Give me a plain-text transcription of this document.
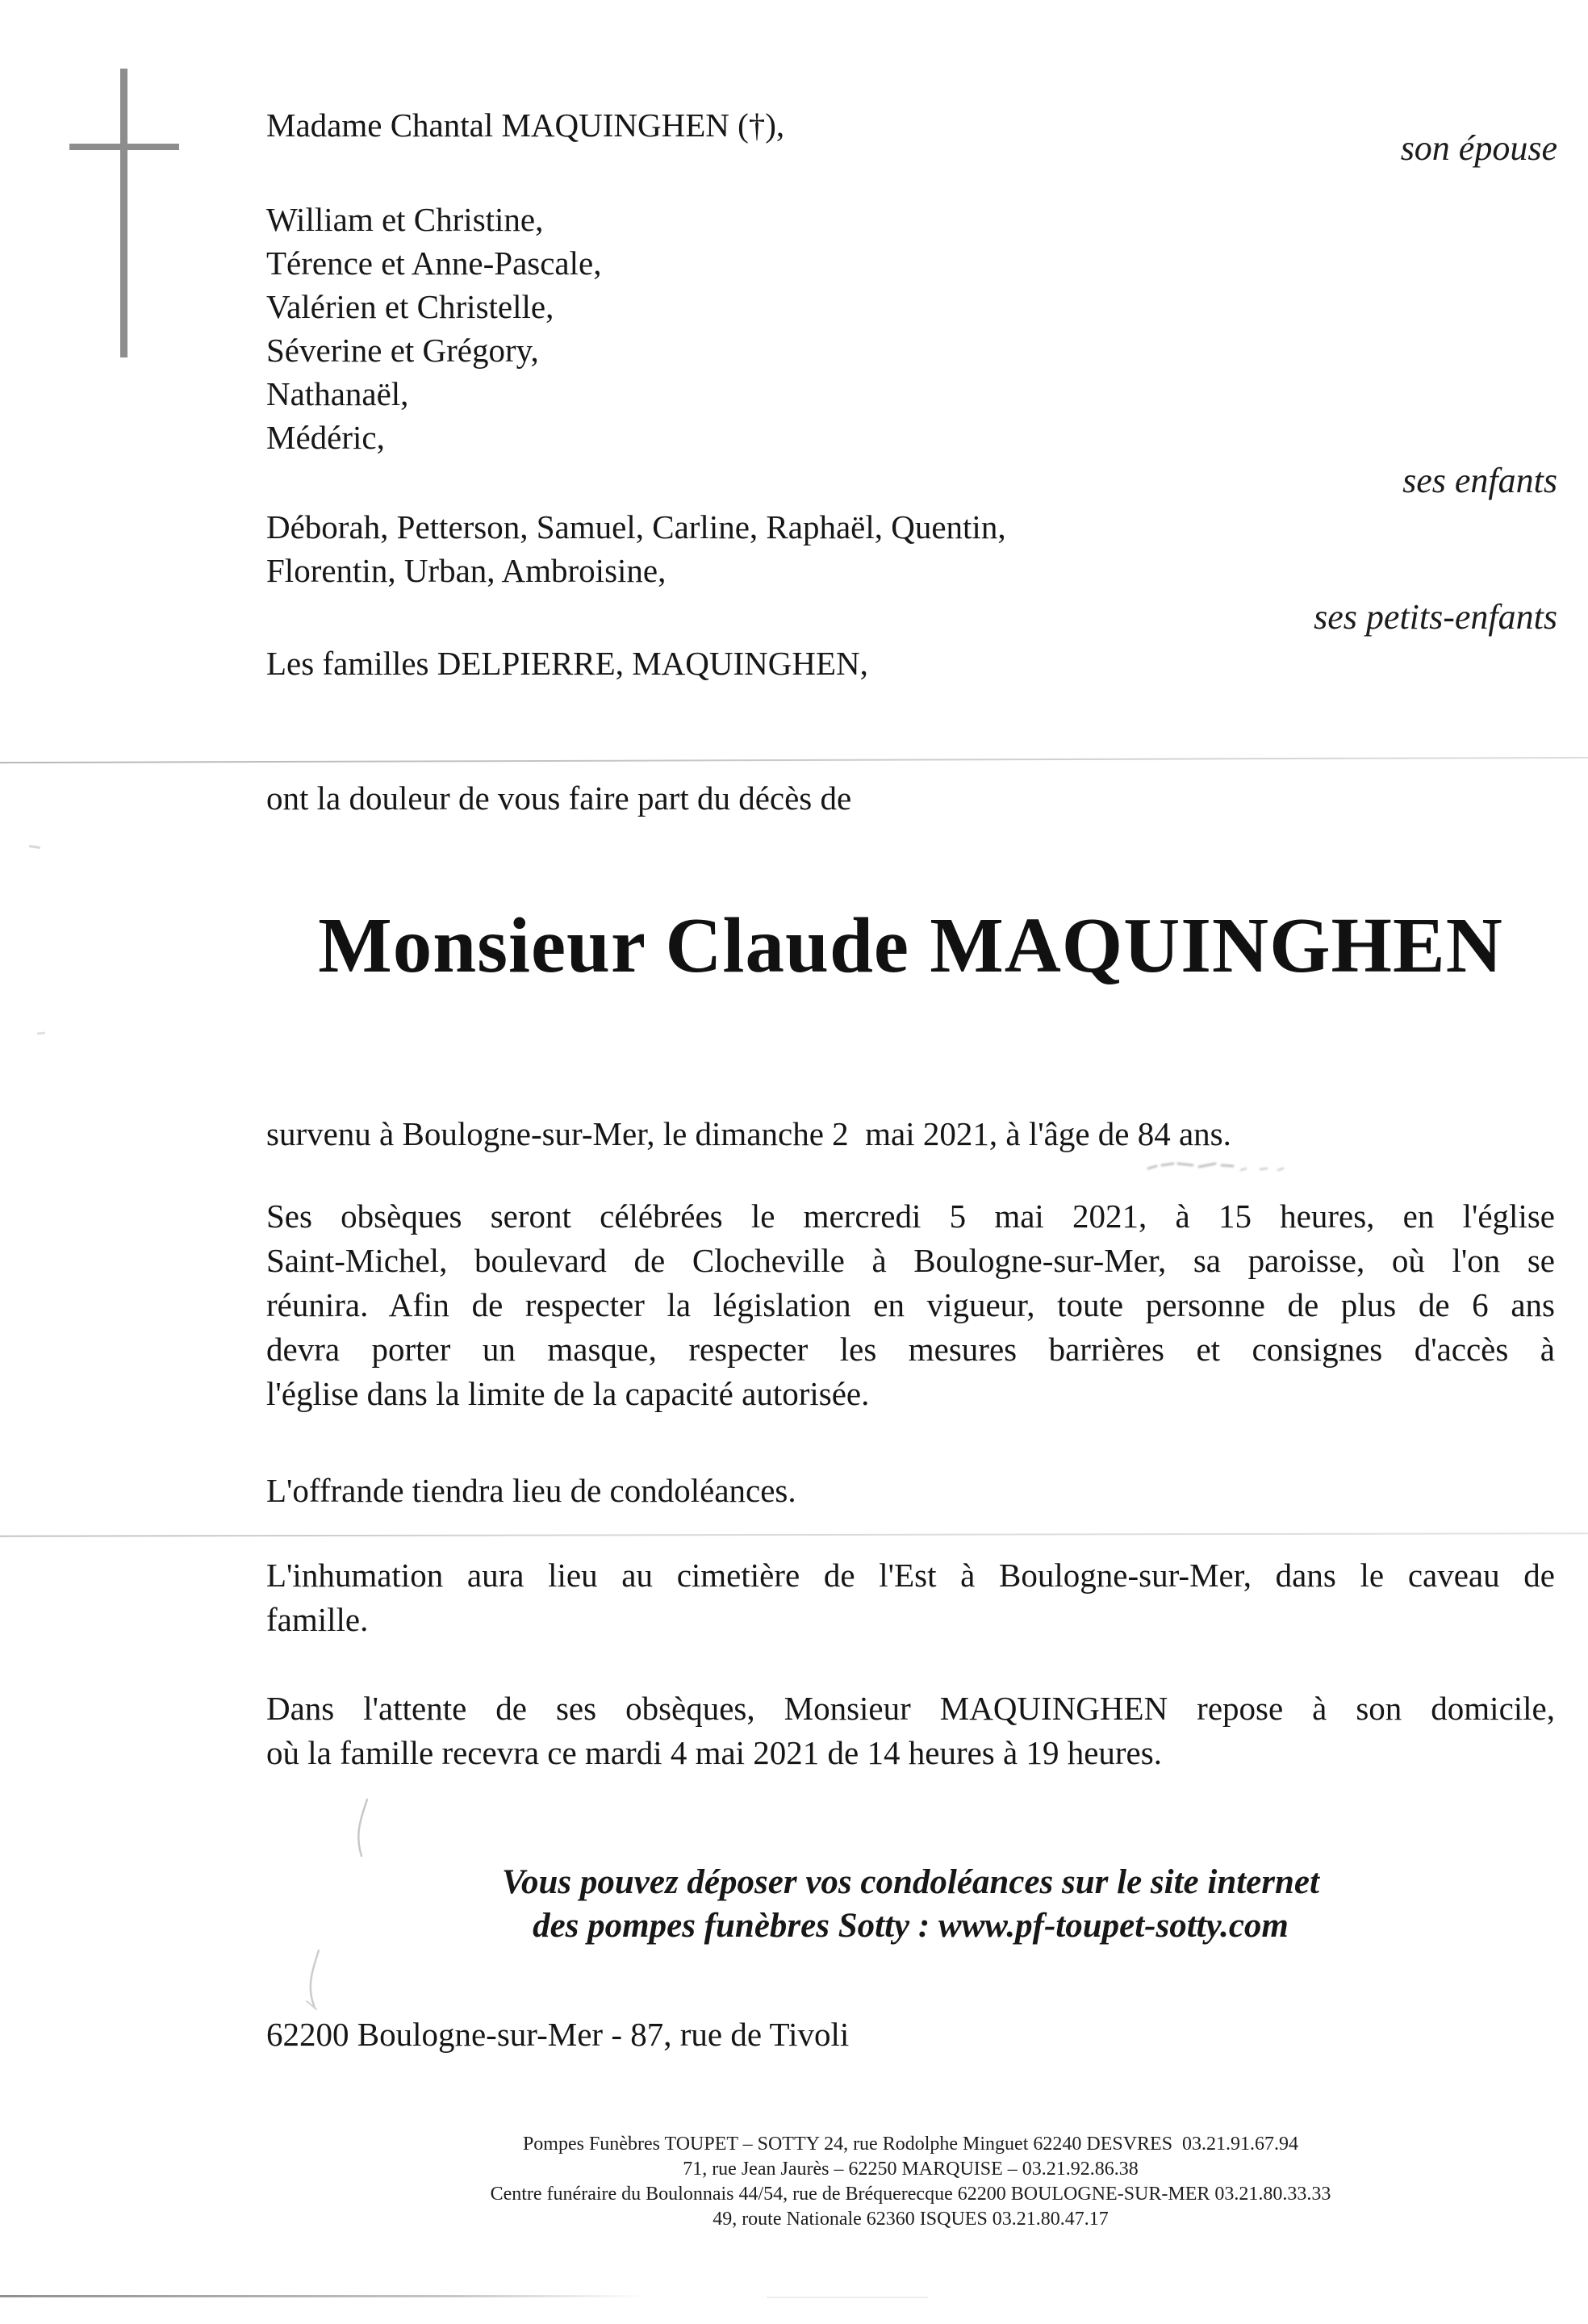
Madame Chantal MAQUINGHEN (†),
son épouse
William et Christine,
Térence et Anne-Pascale,
Valérien et Christelle,
Séverine et Grégory,
Nathanaël,
Médéric,
ses enfants
Déborah, Petterson, Samuel, Carline, Raphaël, Quentin,
Florentin, Urban, Ambroisine,
ses petits-enfants
Les familles DELPIERRE, MAQUINGHEN,
ont la douleur de vous faire part du décès de
Monsieur Claude MAQUINGHEN
survenu à Boulogne-sur-Mer, le dimanche 2  mai 2021, à l'âge de 84 ans.
Ses obsèques seront célébrées le mercredi 5 mai 2021, à 15 heures, en l'église
Saint-Michel, boulevard de Clocheville à Boulogne-sur-Mer, sa paroisse, où l'on se
réunira. Afin de respecter la législation en vigueur, toute personne de plus de 6 ans
devra porter un masque, respecter les mesures barrières et consignes d'accès à
l'église dans la limite de la capacité autorisée.
L'offrande tiendra lieu de condoléances.
L'inhumation aura lieu au cimetière de l'Est à Boulogne-sur-Mer, dans le caveau de
famille.
Dans l'attente de ses obsèques, Monsieur MAQUINGHEN repose à son domicile,
où la famille recevra ce mardi 4 mai 2021 de 14 heures à 19 heures.
Vous pouvez déposer vos condoléances sur le site internet
des pompes funèbres Sotty : www.pf-toupet-sotty.com
62200 Boulogne-sur-Mer - 87, rue de Tivoli
Pompes Funèbres TOUPET – SOTTY 24, rue Rodolphe Minguet 62240 DESVRES  03.21.91.67.94
71, rue Jean Jaurès – 62250 MARQUISE – 03.21.92.86.38
Centre funéraire du Boulonnais 44/54, rue de Bréquerecque 62200 BOULOGNE-SUR-MER 03.21.80.33.33
49, route Nationale 62360 ISQUES 03.21.80.47.17
